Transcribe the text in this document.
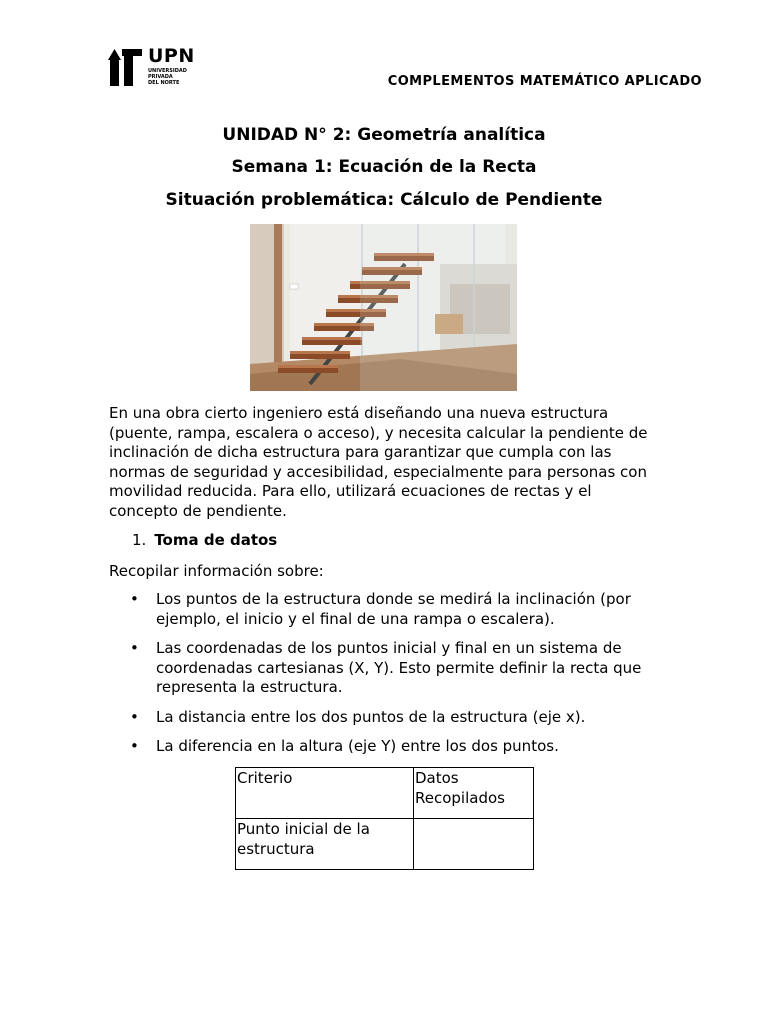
UPN
UNIVERSIDAD
PRIVADA
DEL NORTE	COMPLEMENTOS MATEMÁTICO APLICADO
UNIDAD N° 2: Geometría analítica
Semana 1: Ecuación de la Recta
Situación problemática: Cálculo de Pendiente

En una obra cierto ingeniero está diseñando una nueva estructura (puente, rampa, escalera o acceso), y necesita calcular la pendiente de inclinación de dicha estructura para garantizar que cumpla con las normas de seguridad y accesibilidad, especialmente para personas con movilidad reducida. Para ello, utilizará ecuaciones de rectas y el concepto de pendiente.

1. Toma de datos
Recopilar información sobre:
• Los puntos de la estructura donde se medirá la inclinación (por ejemplo, el inicio y el final de una rampa o escalera).
• Las coordenadas de los puntos inicial y final en un sistema de coordenadas cartesianas (X, Y). Esto permite definir la recta que representa la estructura.
• La distancia entre los dos puntos de la estructura (eje x).
• La diferencia en la altura (eje Y) entre los dos puntos.
Criterio	Datos Recopilados
Punto inicial de la estructura	
